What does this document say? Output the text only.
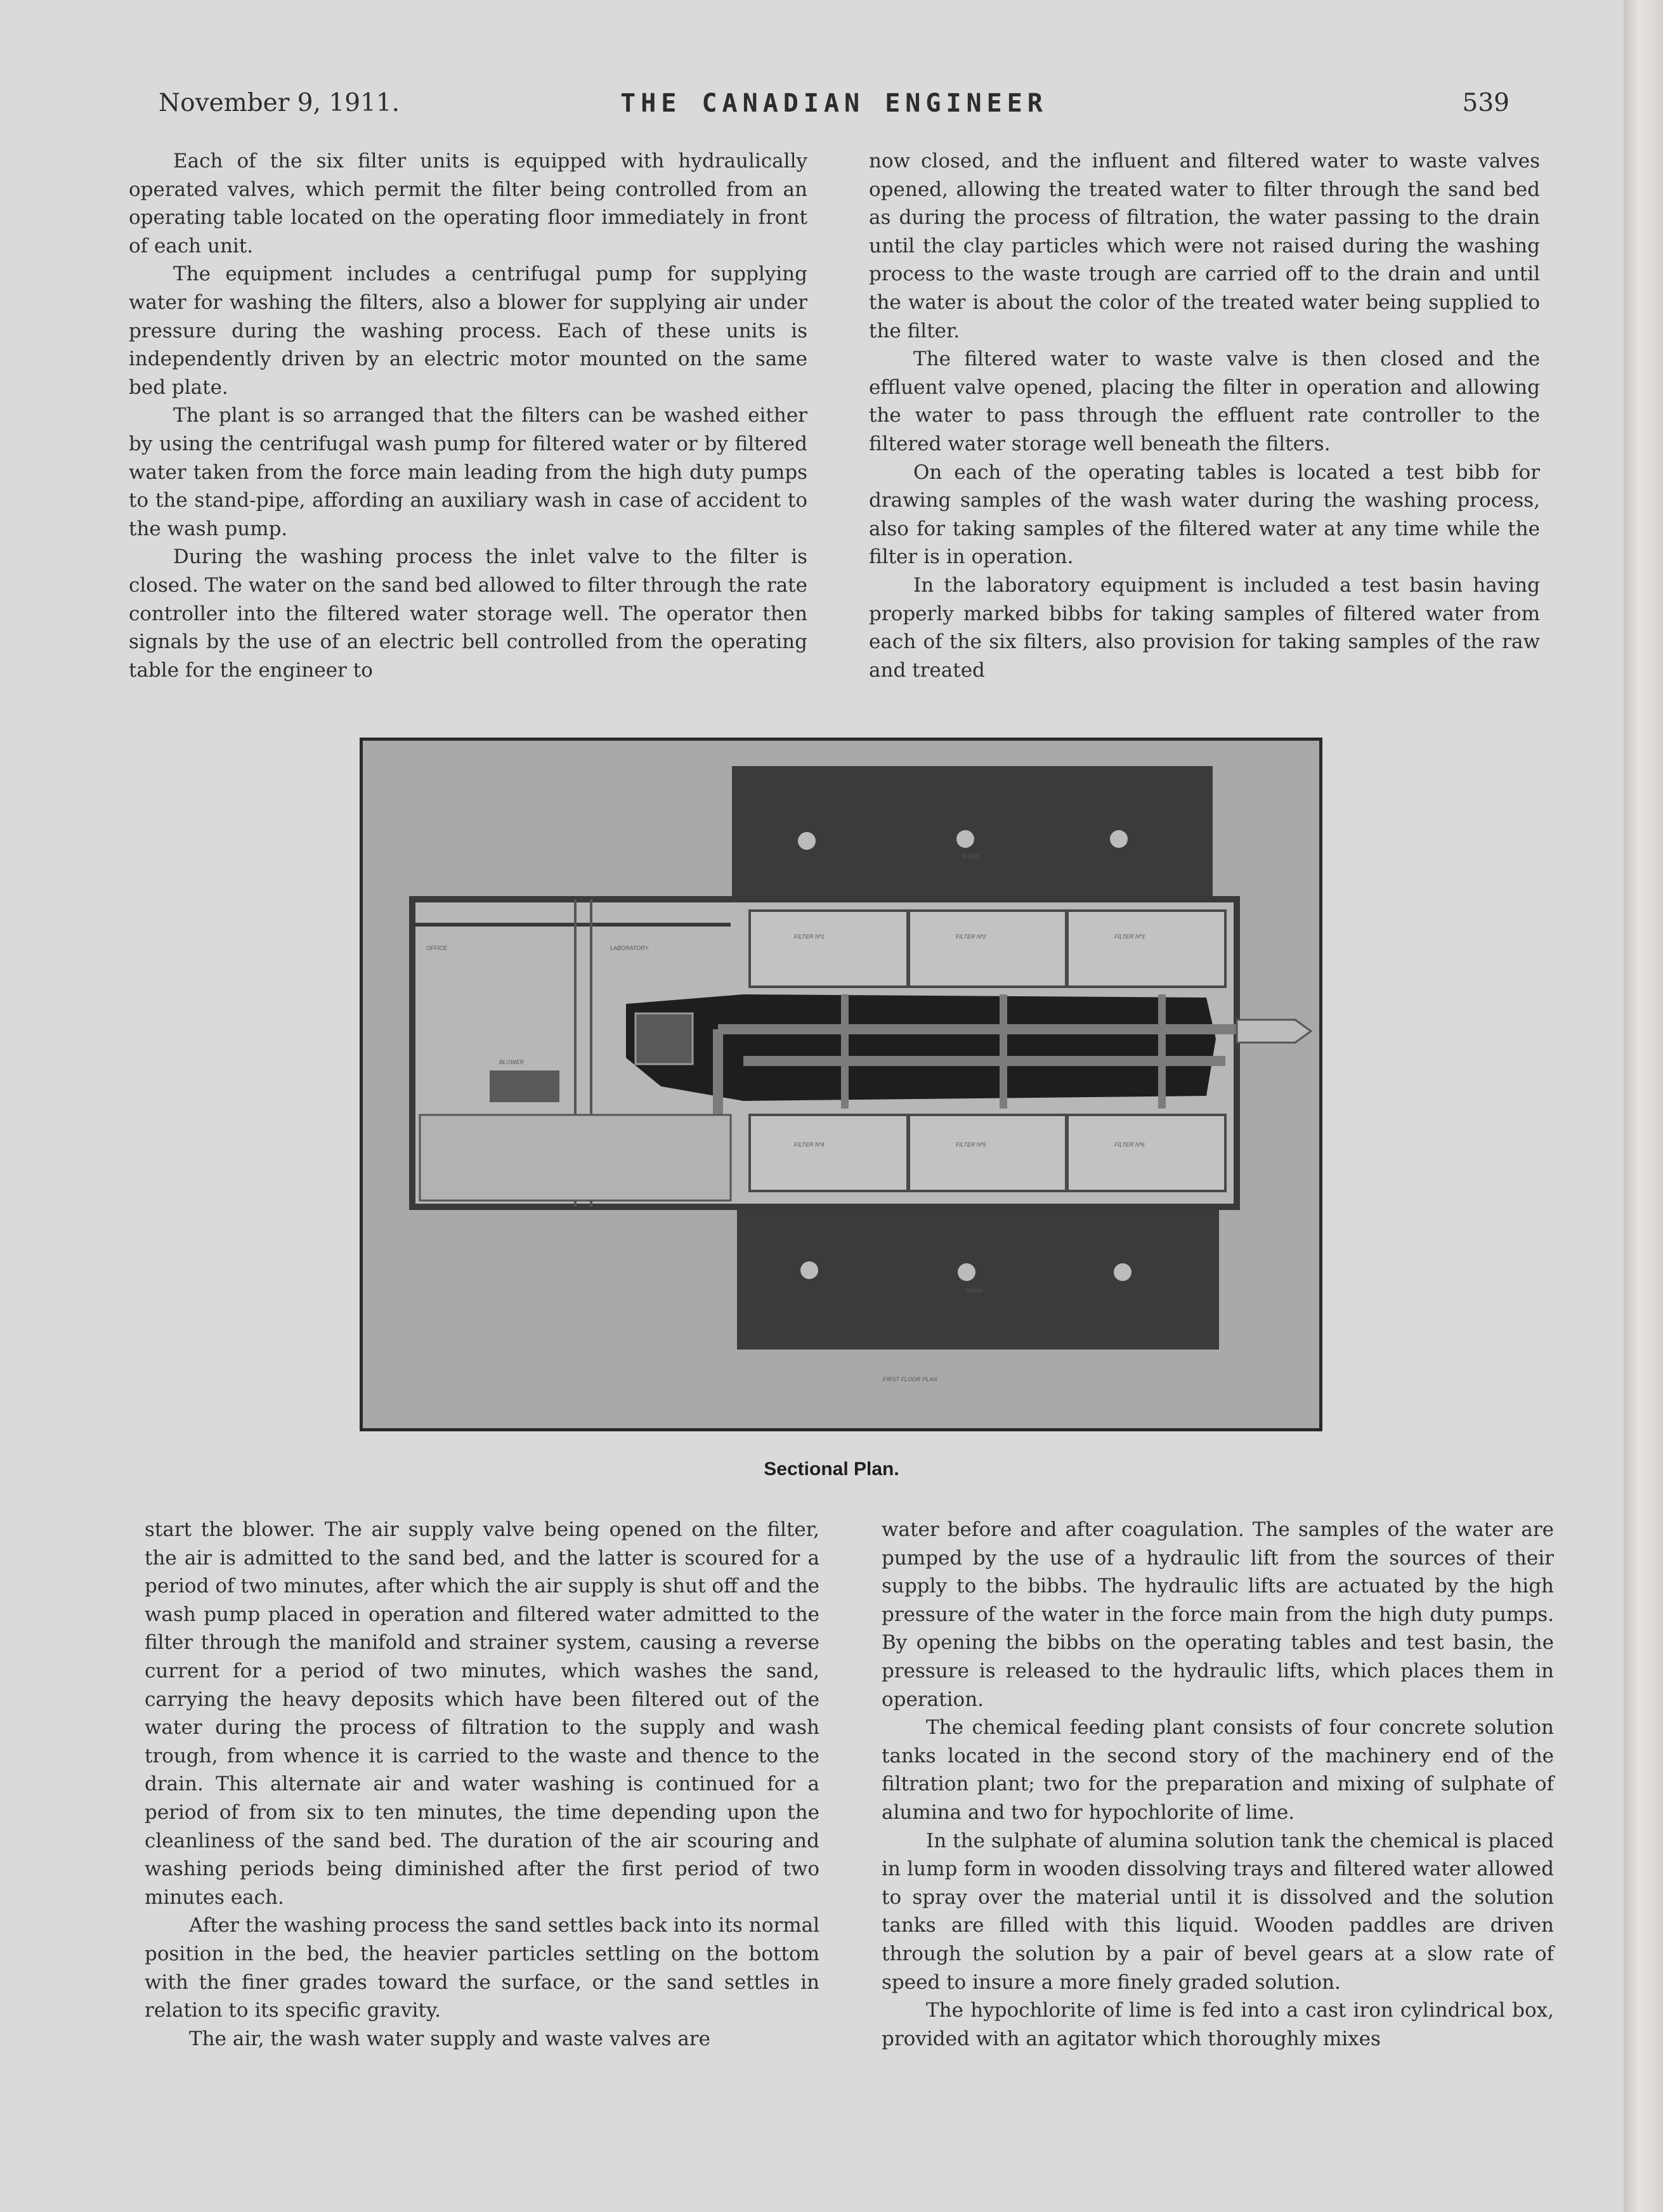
November 9, 1911.	THE CANADIAN ENGINEER	539

Each of the six filter units is equipped with hydraulically operated valves, which permit the filter being controlled from an operating table located on the operating floor immediately in front of each unit.

The equipment includes a centrifugal pump for supplying water for washing the filters, also a blower for supplying air under pressure during the washing process. Each of these units is independently driven by an electric motor mounted on the same bed plate.

The plant is so arranged that the filters can be washed either by using the centrifugal wash pump for filtered water or by filtered water taken from the force main leading from the high duty pumps to the stand-pipe, affording an auxiliary wash in case of accident to the wash pump.

During the washing process the inlet valve to the filter is closed. The water on the sand bed allowed to filter through the rate controller into the filtered water storage well. The operator then signals by the use of an electric bell controlled from the operating table for the engineer to

now closed, and the influent and filtered water to waste valves opened, allowing the treated water to filter through the sand bed as during the process of filtration, the water passing to the drain until the clay particles which were not raised during the washing process to the waste trough are carried off to the drain and until the water is about the color of the treated water being supplied to the filter.

The filtered water to waste valve is then closed and the effluent valve opened, placing the filter in operation and allowing the water to pass through the effluent rate controller to the filtered water storage well beneath the filters.

On each of the operating tables is located a test bibb for drawing samples of the wash water during the washing process, also for taking samples of the filtered water at any time while the filter is in operation.

In the laboratory equipment is included a test basin having properly marked bibbs for taking samples of filtered water from each of the six filters, also provision for taking samples of the raw and treated

BASIN
BASIN
FILTER Nº1	FILTER Nº2	FILTER Nº3
FILTER Nº4	FILTER Nº5	FILTER Nº6
OFFICE	LABORATORY
BLOWER
FIRST FLOOR PLAN
Sectional Plan.

start the blower. The air supply valve being opened on the filter, the air is admitted to the sand bed, and the latter is scoured for a period of two minutes, after which the air supply is shut off and the wash pump placed in operation and filtered water admitted to the filter through the manifold and strainer system, causing a reverse current for a period of two minutes, which washes the sand, carrying the heavy deposits which have been filtered out of the water during the process of filtration to the supply and wash trough, from whence it is carried to the waste and thence to the drain. This alternate air and water washing is continued for a period of from six to ten minutes, the time depending upon the cleanliness of the sand bed. The duration of the air scouring and washing periods being diminished after the first period of two minutes each.

After the washing process the sand settles back into its normal position in the bed, the heavier particles settling on the bottom with the finer grades toward the surface, or the sand settles in relation to its specific gravity.

The air, the wash water supply and waste valves are

water before and after coagulation. The samples of the water are pumped by the use of a hydraulic lift from the sources of their supply to the bibbs. The hydraulic lifts are actuated by the high pressure of the water in the force main from the high duty pumps. By opening the bibbs on the operating tables and test basin, the pressure is released to the hydraulic lifts, which places them in operation.

The chemical feeding plant consists of four concrete solution tanks located in the second story of the machinery end of the filtration plant; two for the preparation and mixing of sulphate of alumina and two for hypochlorite of lime.

In the sulphate of alumina solution tank the chemical is placed in lump form in wooden dissolving trays and filtered water allowed to spray over the material until it is dissolved and the solution tanks are filled with this liquid. Wooden paddles are driven through the solution by a pair of bevel gears at a slow rate of speed to insure a more finely graded solution.

The hypochlorite of lime is fed into a cast iron cylindrical box, provided with an agitator which thoroughly mixes
